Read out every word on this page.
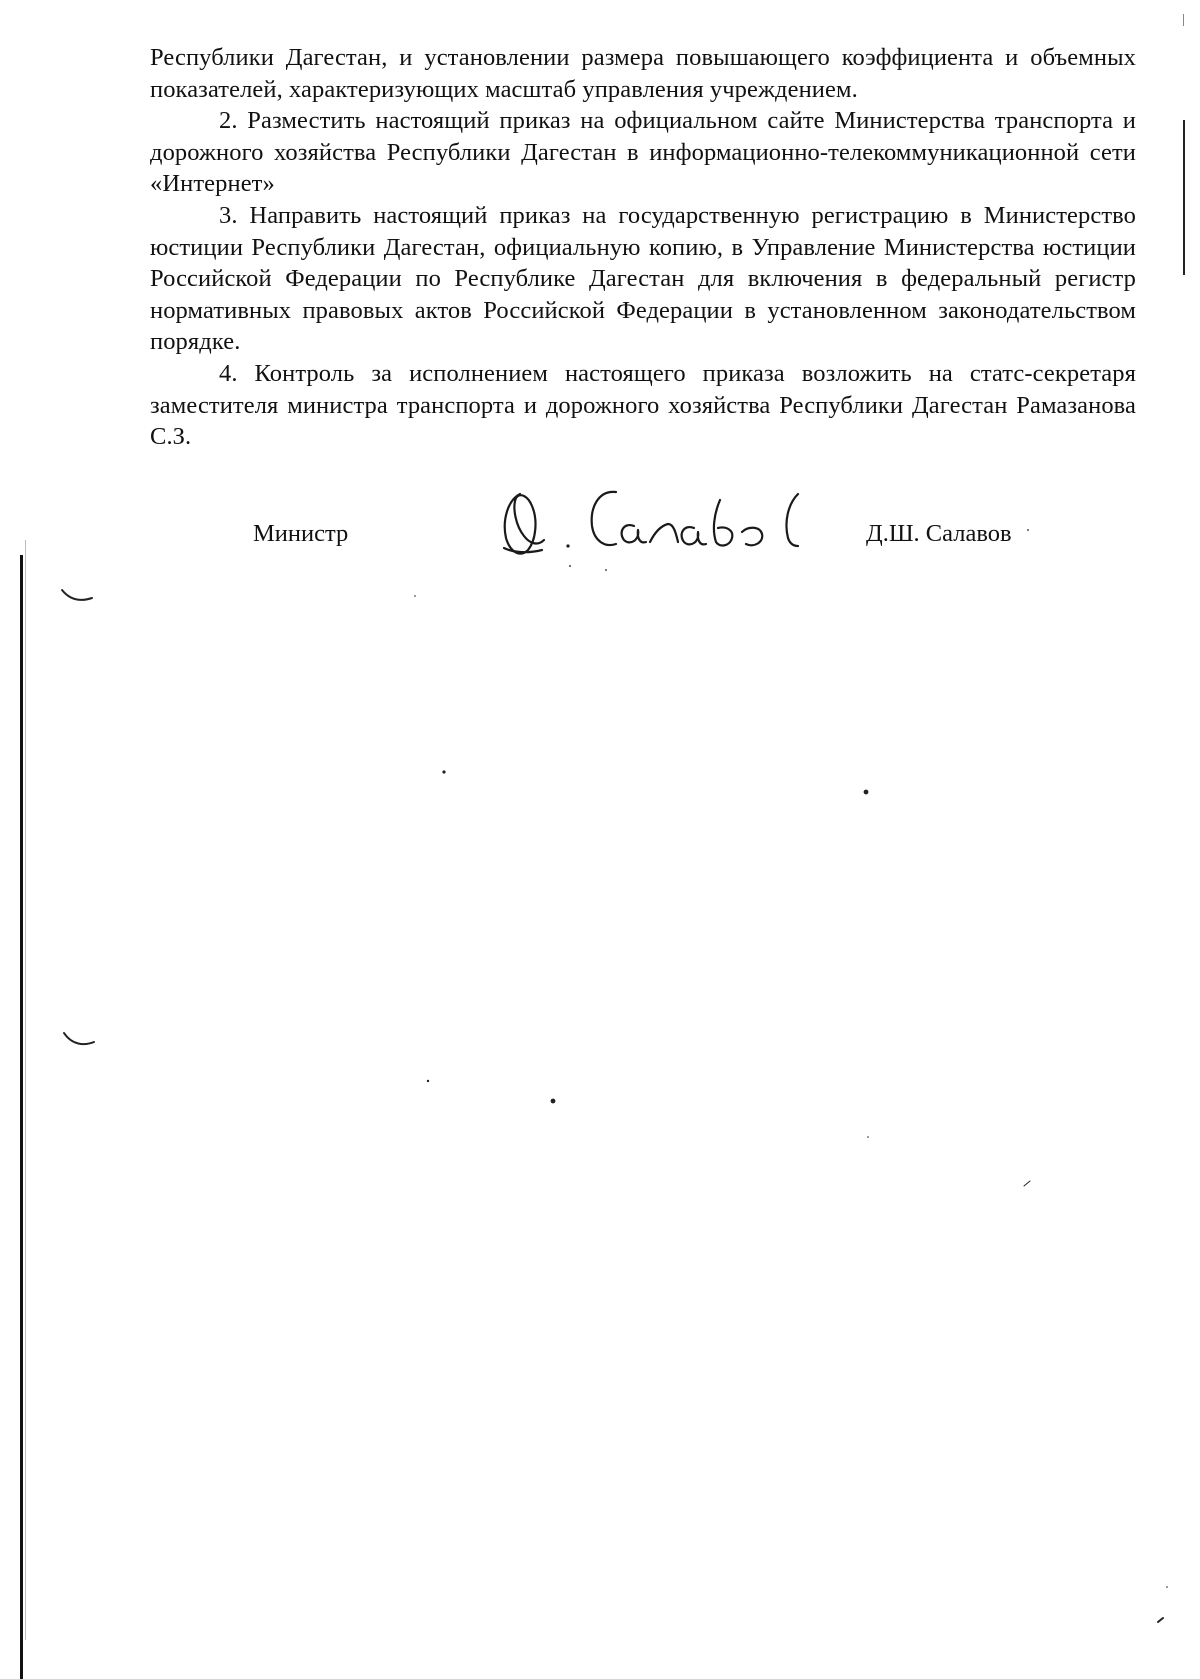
Республики Дагестан, и установлении размера повышающего коэффициента и объемных показателей, характеризующих масштаб управления учреждением.

2. Разместить настоящий приказ на официальном сайте Министерства транспорта и дорожного хозяйства Республики Дагестан в информационно-телекоммуникационной сети «Интернет»

3. Направить настоящий приказ на государственную регистрацию в Министерство юстиции Республики Дагестан, официальную копию, в Управление Министерства юстиции Российской Федерации по Республике Дагестан для включения в федеральный регистр нормативных правовых актов Российской Федерации в установленном законодательством порядке.

4. Контроль за исполнением настоящего приказа возложить на статс-секретаря заместителя министра транспорта и дорожного хозяйства Республики Дагестан Рамазанова С.З.

Министр	Д.Ш. Салавов
